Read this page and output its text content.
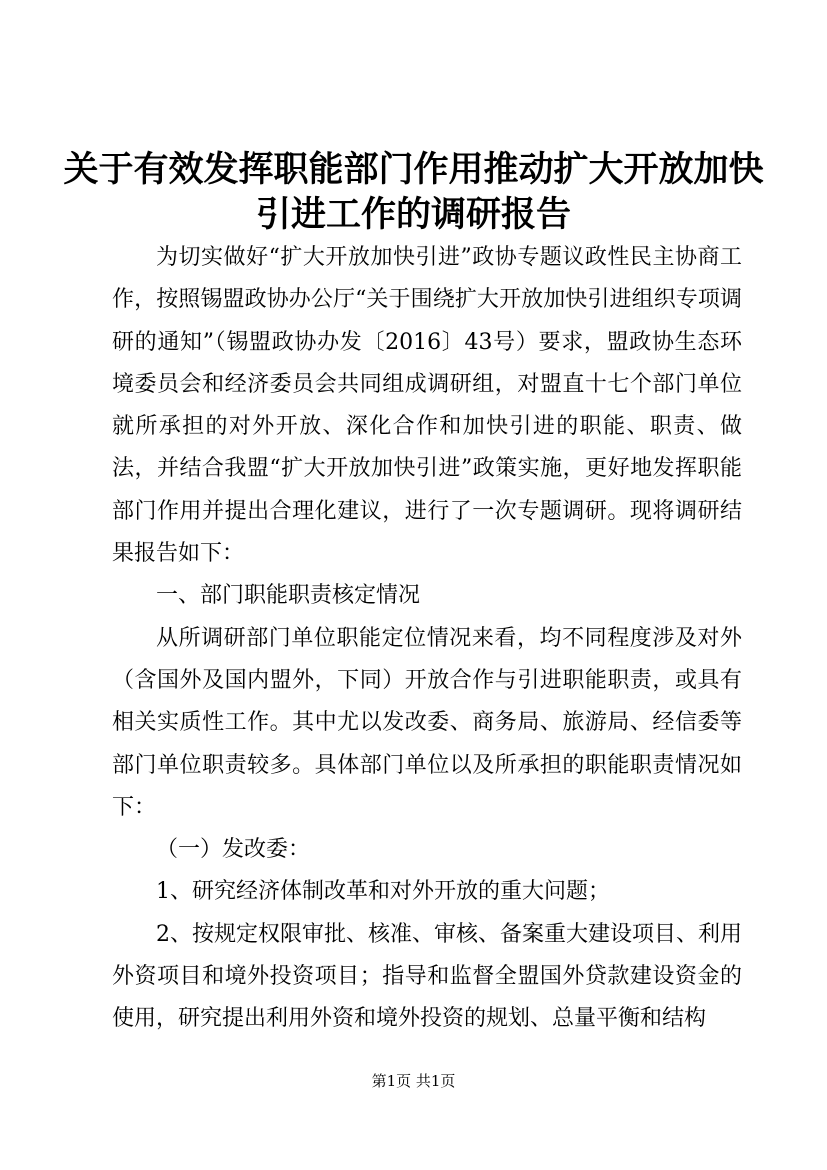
关于有效发挥职能部门作用推动扩大开放加快
引进工作的调研报告

为切实做好“扩大开放加快引进”政协专题议政性民主协商工作，按照锡盟政协办公厅“关于围绕扩大开放加快引进组织专项调研的通知”（锡盟政协办发〔2016〕43号）要求，盟政协生态环境委员会和经济委员会共同组成调研组，对盟直十七个部门单位就所承担的对外开放、深化合作和加快引进的职能、职责、做法，并结合我盟“扩大开放加快引进”政策实施，更好地发挥职能部门作用并提出合理化建议，进行了一次专题调研。现将调研结果报告如下：

一、部门职能职责核定情况

从所调研部门单位职能定位情况来看，均不同程度涉及对外（含国外及国内盟外，下同）开放合作与引进职能职责，或具有相关实质性工作。其中尤以发改委、商务局、旅游局、经信委等部门单位职责较多。具体部门单位以及所承担的职能职责情况如下：

（一）发改委：

1、研究经济体制改革和对外开放的重大问题；

2、按规定权限审批、核准、审核、备案重大建设项目、利用外资项目和境外投资项目；指导和监督全盟国外贷款建设资金的使用，研究提出利用外资和境外投资的规划、总量平衡和结构

第1页 共1页
